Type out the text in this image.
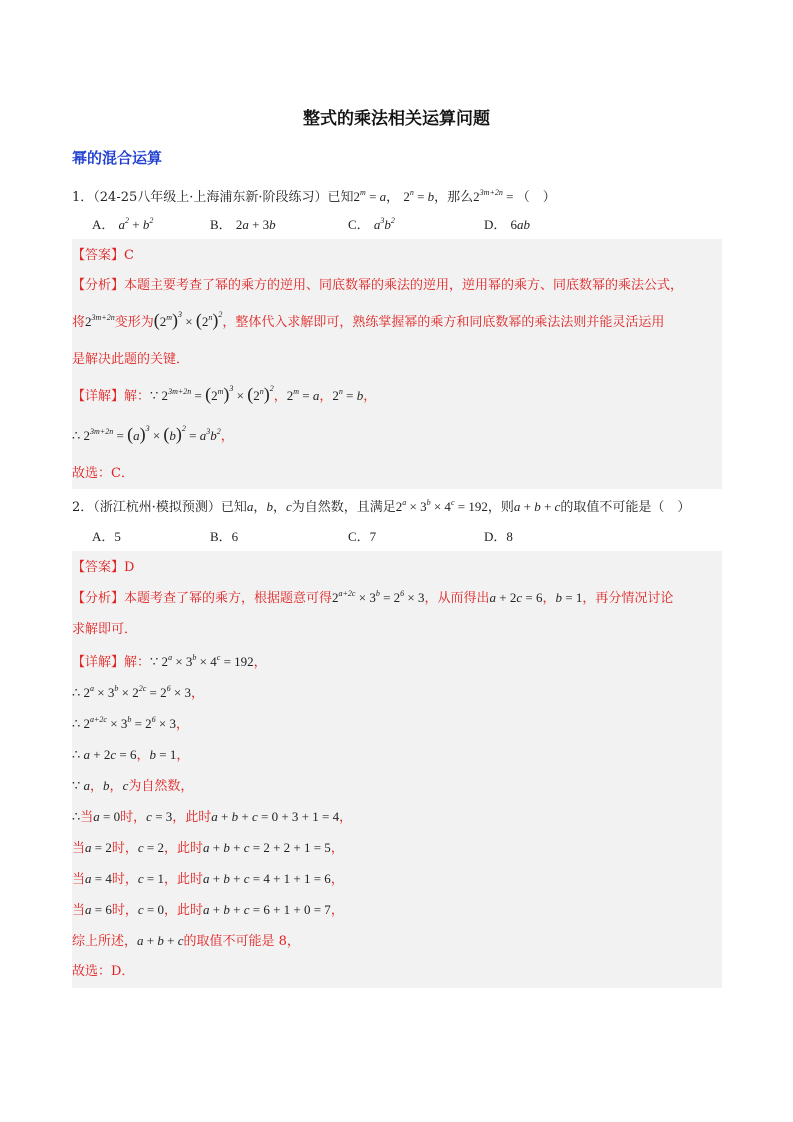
整式的乘法相关运算问题
幂的混合运算
1．（24-25八年级上·上海浦东新·阶段练习）已知$2^m = a$， $2^n = b$，那么$2^{3m+2n}$ = （　）
A． $a^2 + b^2$	B． 2a + 3b	C． $a^3b^2$	D． 6ab
【答案】C
【分析】本题主要考查了幂的乘方的逆用、同底数幂的乘法的逆用，逆用幂的乘方、同底数幂的乘法公式，
将$2^{3m+2n}$变形为$(2^m)^3 \times (2^n)^2$，整体代入求解即可，熟练掌握幂的乘方和同底数幂的乘法法则并能灵活运用
是解决此题的关键．
【详解】解：∵ $2^{3m+2n} = (2^m)^3 \times (2^n)^2$，$2^m = a$，$2^n = b$，
∴ $2^{3m+2n} = (a)^3 \times (b)^2 = a^3b^2$，
故选：C．
2．（浙江杭州·模拟预测）已知a，b，c为自然数，且满足$2^a \times 3^b \times 4^c = 192$，则a + b + c的取值不可能是（　）
A．5	B．6	C．7	D．8
【答案】D
【分析】本题考查了幂的乘方，根据题意可得$2^{a+2c} \times 3^b = 2^6 \times 3$，从而得出a + 2c = 6，b = 1，再分情况讨论
求解即可．
【详解】解：∵ $2^a \times 3^b \times 4^c = 192$，
∴ $2^a \times 3^b \times 2^{2c} = 2^6 \times 3$，
∴ $2^{a+2c} \times 3^b = 2^6 \times 3$，
∴ a + 2c = 6，b = 1，
∵ a，b，c为自然数，
∴当a = 0时，c = 3，此时a + b + c = 0 + 3 + 1 = 4，
当a = 2时，c = 2，此时a + b + c = 2 + 2 + 1 = 5，
当a = 4时，c = 1，此时a + b + c = 4 + 1 + 1 = 6，
当a = 6时，c = 0，此时a + b + c = 6 + 1 + 0 = 7，
综上所述，a + b + c的取值不可能是 8，
故选：D．
